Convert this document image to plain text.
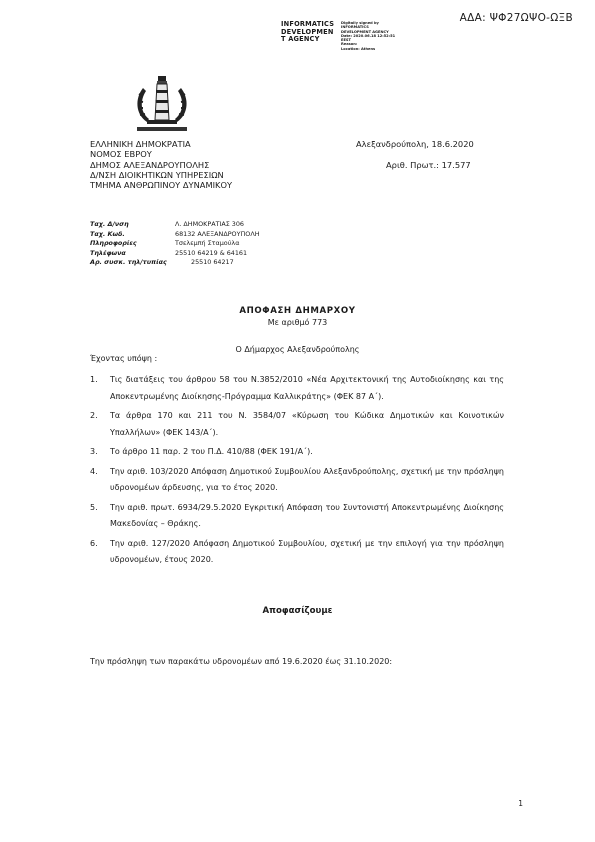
ΑΔΑ: ΨΦ27ΩΨΟ-ΩΞΒ
INFORMATICS
DEVELOPMEN
T AGENCY
Digitally signed by
INFORMATICS
DEVELOPMENT AGENCY
Date: 2020.06.18 12:52:51
EEST
Reason:
Location: Athens
ΕΛΛΗΝΙΚΗ ΔΗΜΟΚΡΑΤΙΑ
ΝΟΜΟΣ ΕΒΡΟΥ
ΔΗΜΟΣ ΑΛΕΞΑΝΔΡΟΥΠΟΛΗΣ
Δ/ΝΣΗ ΔΙΟΙΚΗΤΙΚΩΝ ΥΠΗΡΕΣΙΩΝ
ΤΜΗΜΑ ΑΝΘΡΩΠΙΝΟΥ ΔΥΝΑΜΙΚΟΥ
Αλεξανδρούπολη, 18.6.2020
Αριθ. Πρωτ.: 17.577
Ταχ. Δ/νση	Λ. ΔΗΜΟΚΡΑΤΙΑΣ 306
Ταχ. Κωδ.	68132 ΑΛΕΞΑΝΔΡΟΥΠΟΛΗ
Πληροφορίες	Τσελεμπή Σταμούλα
Τηλέφωνα	25510 64219 & 64161
Αρ. συσκ. τηλ/τυπίας	25510 64217
ΑΠΟΦΑΣΗ ΔΗΜΑΡΧΟΥ
Με αριθμό 773
Ο Δήμαρχος Αλεξανδρούπολης
Έχοντας υπόψη :
1.	Τις διατάξεις του άρθρου 58 του Ν.3852/2010 «Νέα Αρχιτεκτονική της Αυτοδιοίκησης και της Αποκεντρωμένης Διοίκησης-Πρόγραμμα Καλλικράτης» (ΦΕΚ 87 Α΄).
2.	Τα άρθρα 170 και 211 του Ν. 3584/07 «Κύρωση του Κώδικα Δημοτικών και Κοινοτικών Υπαλλήλων» (ΦΕΚ 143/Α΄).
3.	Το άρθρο 11 παρ. 2 του Π.Δ. 410/88 (ΦΕΚ 191/Α΄).
4.	Την αριθ. 103/2020 Απόφαση Δημοτικού Συμβουλίου Αλεξανδρούπολης, σχετική με την πρόσληψη υδρονομέων άρδευσης, για το έτος 2020.
5.	Την αριθ. πρωτ. 6934/29.5.2020 Εγκριτική Απόφαση του Συντονιστή Αποκεντρωμένης Διοίκησης Μακεδονίας – Θράκης.
6.	Την αριθ. 127/2020 Απόφαση Δημοτικού Συμβουλίου, σχετική με την επιλογή για την πρόσληψη υδρονομέων, έτους 2020.
Αποφασίζουμε
Την πρόσληψη των παρακάτω υδρονομέων από 19.6.2020 έως 31.10.2020:
1
